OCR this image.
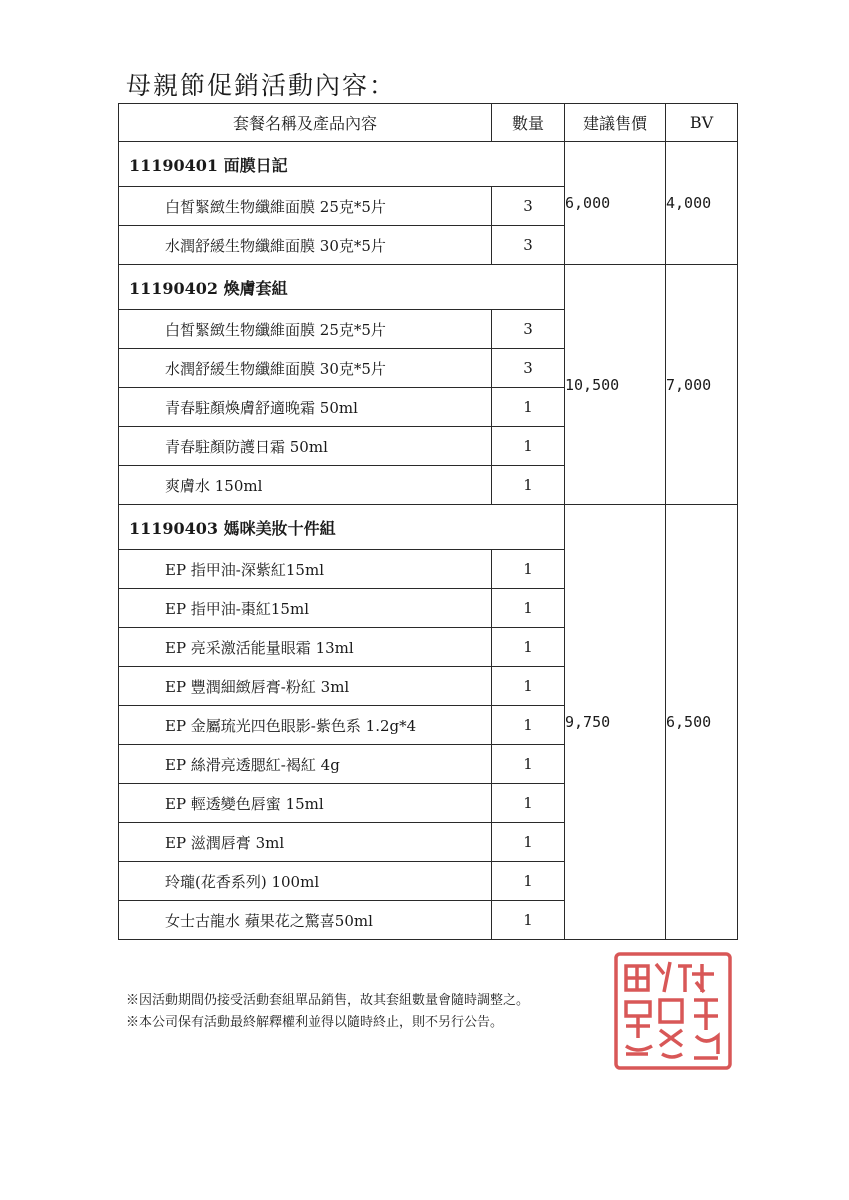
母親節促銷活動內容：
套餐名稱及產品內容	數量	建議售價	BV
11190401 面膜日記		6,000	4,000
白皙緊緻生物纖維面膜 25克*5片	3		
水潤舒緩生物纖維面膜 30克*5片	3		
11190402 煥膚套組		10,500	7,000
白皙緊緻生物纖維面膜 25克*5片	3		
水潤舒緩生物纖維面膜 30克*5片	3		
青春駐顏煥膚舒適晚霜 50ml	1		
青春駐顏防護日霜 50ml	1		
爽膚水 150ml	1		
11190403 媽咪美妝十件組		9,750	6,500
EP 指甲油-深紫紅15ml	1		
EP 指甲油-棗紅15ml	1		
EP 亮采激活能量眼霜 13ml	1		
EP 豐潤細緻唇膏-粉紅 3ml	1		
EP 金屬琉光四色眼影-紫色系 1.2g*4	1		
EP 絲滑亮透腮紅-褐紅 4g	1		
EP 輕透變色唇蜜 15ml	1		
EP 滋潤唇膏 3ml	1		
玲瓏(花香系列) 100ml	1		
女士古龍水 蘋果花之驚喜50ml	1		
※因活動期間仍接受活動套組單品銷售，故其套組數量會隨時調整之。
※本公司保有活動最終解釋權利並得以隨時終止，則不另行公告。
